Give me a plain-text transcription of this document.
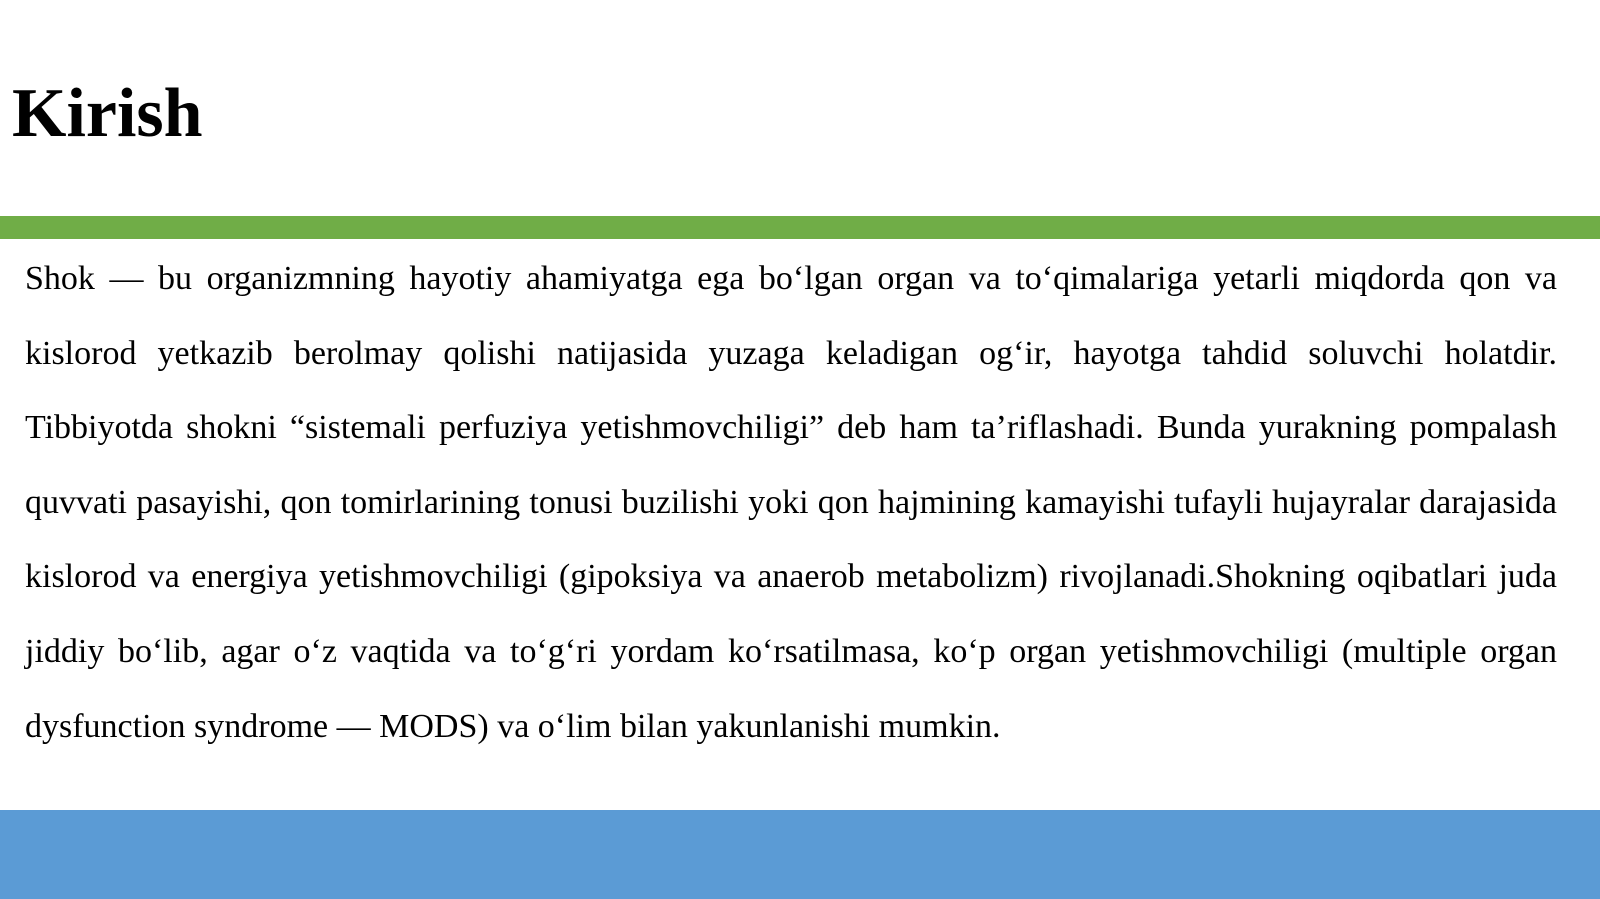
Kirish

Shok — bu organizmning hayotiy ahamiyatga ega bo‘lgan organ va to‘qimalariga yetarli miqdorda qon va kislorod yetkazib berolmay qolishi natijasida yuzaga keladigan og‘ir, hayotga tahdid soluvchi holatdir. Tibbiyotda shokni “sistemali perfuziya yetishmovchiligi” deb ham ta’riflashadi. Bunda yurakning pompalash quvvati pasayishi, qon tomirlarining tonusi buzilishi yoki qon hajmining kamayishi tufayli hujayralar darajasida kislorod va energiya yetishmovchiligi (gipoksiya va anaerob metabolizm) rivojlanadi.Shokning oqibatlari juda jiddiy bo‘lib, agar o‘z vaqtida va to‘g‘ri yordam ko‘rsatilmasa, ko‘p organ yetishmovchiligi (multiple organ dysfunction syndrome — MODS) va o‘lim bilan yakunlanishi mumkin.
